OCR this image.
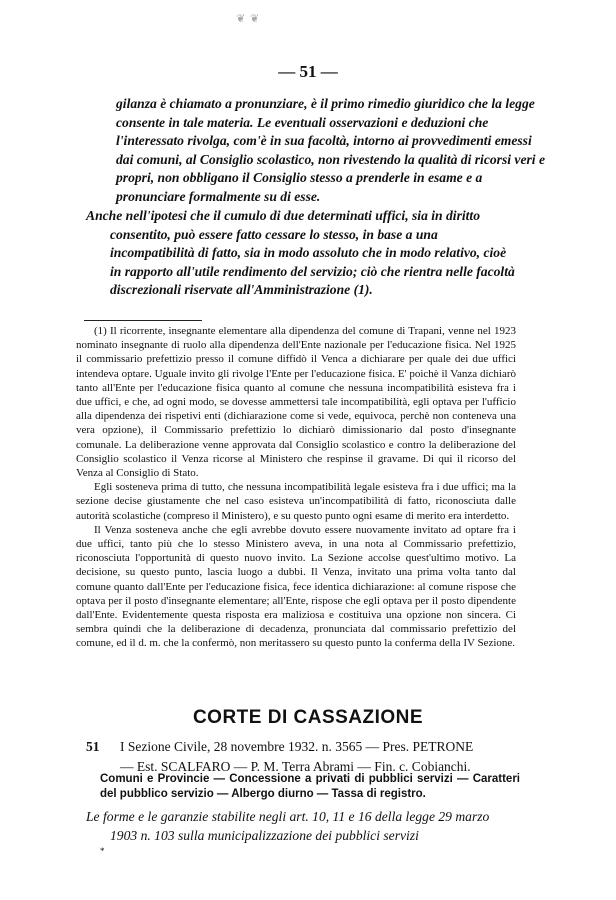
❦ ❦
— 51 —

gilanza è chiamato a pronunziare, è il primo rimedio giuridico che la legge consente in tale materia. Le eventuali osservazioni e deduzioni che l'interessato rivolga, com'è in sua facoltà, intorno ai provvedimenti emessi dai comuni, al Consiglio scolastico, non rivestendo la qualità di ricorsi veri e propri, non obbligano il Consiglio stesso a prenderle in esame e a pronunciare formalmente su di esse.

Anche nell'ipotesi che il cumulo di due determinati uffici, sia in diritto consentito, può essere fatto cessare lo stesso, in base a una incompatibilità di fatto, sia in modo assoluto che in modo relativo, cioè in rapporto all'utile rendimento del servizio; ciò che rientra nelle facoltà discrezionali riservate all'Amministrazione (1).

(1) Il ricorrente, insegnante elementare alla dipendenza del comune di Trapani, venne nel 1923 nominato insegnante di ruolo alla dipendenza dell'Ente nazionale per l'educazione fisica. Nel 1925 il commissario prefettizio presso il comune diffidò il Venca a dichiarare per quale dei due uffici intendeva optare. Uguale invito gli rivolge l'Ente per l'educazione fisica. E' poichè il Vanza dichiarò tanto all'Ente per l'educazione fisica quanto al comune che nessuna incompatibilità esisteva fra i due uffici, e che, ad ogni modo, se dovesse ammettersi tale incompatibilità, egli optava per l'ufficio alla dipendenza dei rispetivi enti (dichiarazione come si vede, equivoca, perchè non conteneva una vera opzione), il Commissario prefettizio lo dichiarò dimissionario dal posto d'insegnante comunale. La deliberazione venne approvata dal Consiglio scolastico e contro la deliberazione del Consiglio scolastico il Venza ricorse al Ministero che respinse il gravame. Di qui il ricorso del Venza al Consiglio di Stato.

Egli sosteneva prima di tutto, che nessuna incompatibilità legale esisteva fra i due uffici; ma la sezione decise giustamente che nel caso esisteva un'incompatibilità di fatto, riconosciuta dalle autorità scolastiche (compreso il Ministero), e su questo punto ogni esame di merito era interdetto.

Il Venza sosteneva anche che egli avrebbe dovuto essere nuovamente invitato ad optare fra i due uffici, tanto più che lo stesso Ministero aveva, in una nota al Commissario prefettizio, riconosciuta l'opportunità di questo nuovo invito. La Sezione accolse quest'ultimo motivo. La decisione, su questo punto, lascia luogo a dubbi. Il Venza, invitato una prima volta tanto dal comune quanto dall'Ente per l'educazione fisica, fece identica dichiarazione: al comune rispose che optava per il posto d'insegnante elementare; all'Ente, rispose che egli optava per il posto dipendente dall'Ente. Evidentemente questa risposta era maliziosa e costituiva una opzione non sincera. Ci sembra quindi che la deliberazione di decadenza, pronunciata dal commissario prefettizio del comune, ed il d. m. che la confermò, non meritassero su questo punto la conferma della IV Sezione.

CORTE DI CASSAZIONE
51 I Sezione Civile, 28 novembre 1932. n. 3565 — Pres. PETRONE
— Est. SCALFARO — P. M. Terra Abrami — Fin. c. Cobianchi.
Comuni e Provincie — Concessione a privati di pubblici servizi — Caratteri del pubblico servizio — Albergo diurno — Tassa di registro.

Le forme e le garanzie stabilite negli art. 10, 11 e 16 della legge 29 marzo 1903 n. 103 sulla municipalizzazione dei pubblici servizi

*
